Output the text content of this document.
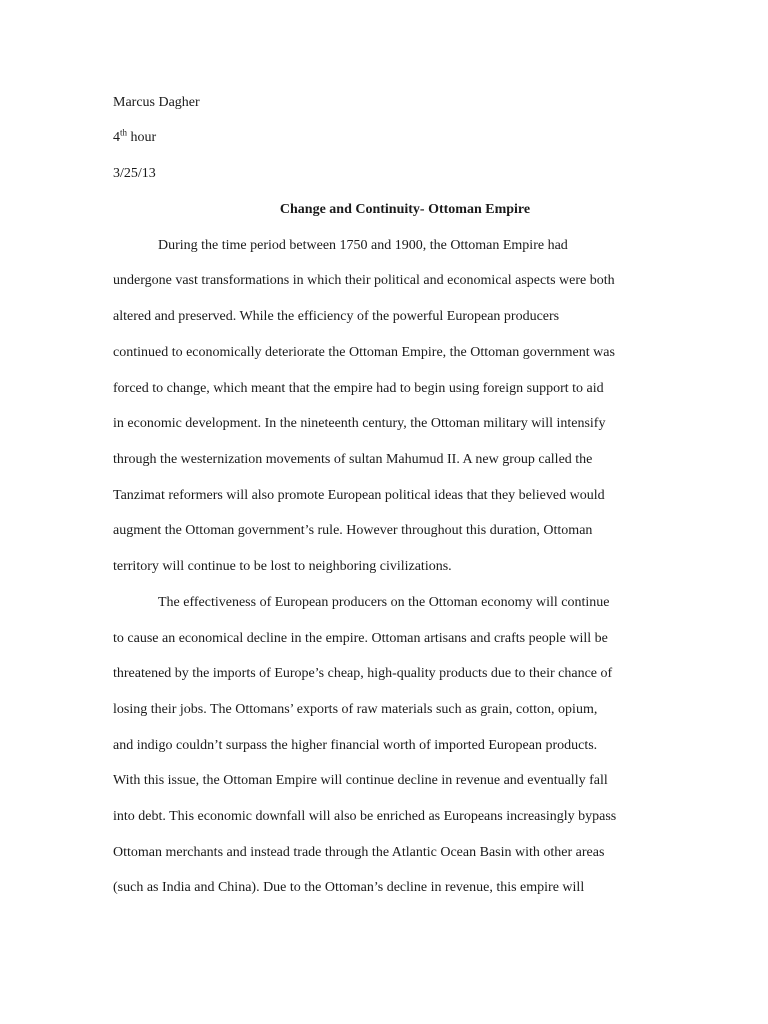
Marcus Dagher
4th hour
3/25/13
Change and Continuity- Ottoman Empire
During the time period between 1750 and 1900, the Ottoman Empire had
undergone vast transformations in which their political and economical aspects were both
altered and preserved. While the efficiency of the powerful European producers
continued to economically deteriorate the Ottoman Empire, the Ottoman government was
forced to change, which meant that the empire had to begin using foreign support to aid
in economic development. In the nineteenth century, the Ottoman military will intensify
through the westernization movements of sultan Mahumud II. A new group called the
Tanzimat reformers will also promote European political ideas that they believed would
augment the Ottoman government’s rule. However throughout this duration, Ottoman
territory will continue to be lost to neighboring civilizations.
The effectiveness of European producers on the Ottoman economy will continue
to cause an economical decline in the empire. Ottoman artisans and crafts people will be
threatened by the imports of Europe’s cheap, high-quality products due to their chance of
losing their jobs. The Ottomans’ exports of raw materials such as grain, cotton, opium,
and indigo couldn’t surpass the higher financial worth of imported European products.
With this issue, the Ottoman Empire will continue decline in revenue and eventually fall
into debt. This economic downfall will also be enriched as Europeans increasingly bypass
Ottoman merchants and instead trade through the Atlantic Ocean Basin with other areas
(such as India and China). Due to the Ottoman’s decline in revenue, this empire will
